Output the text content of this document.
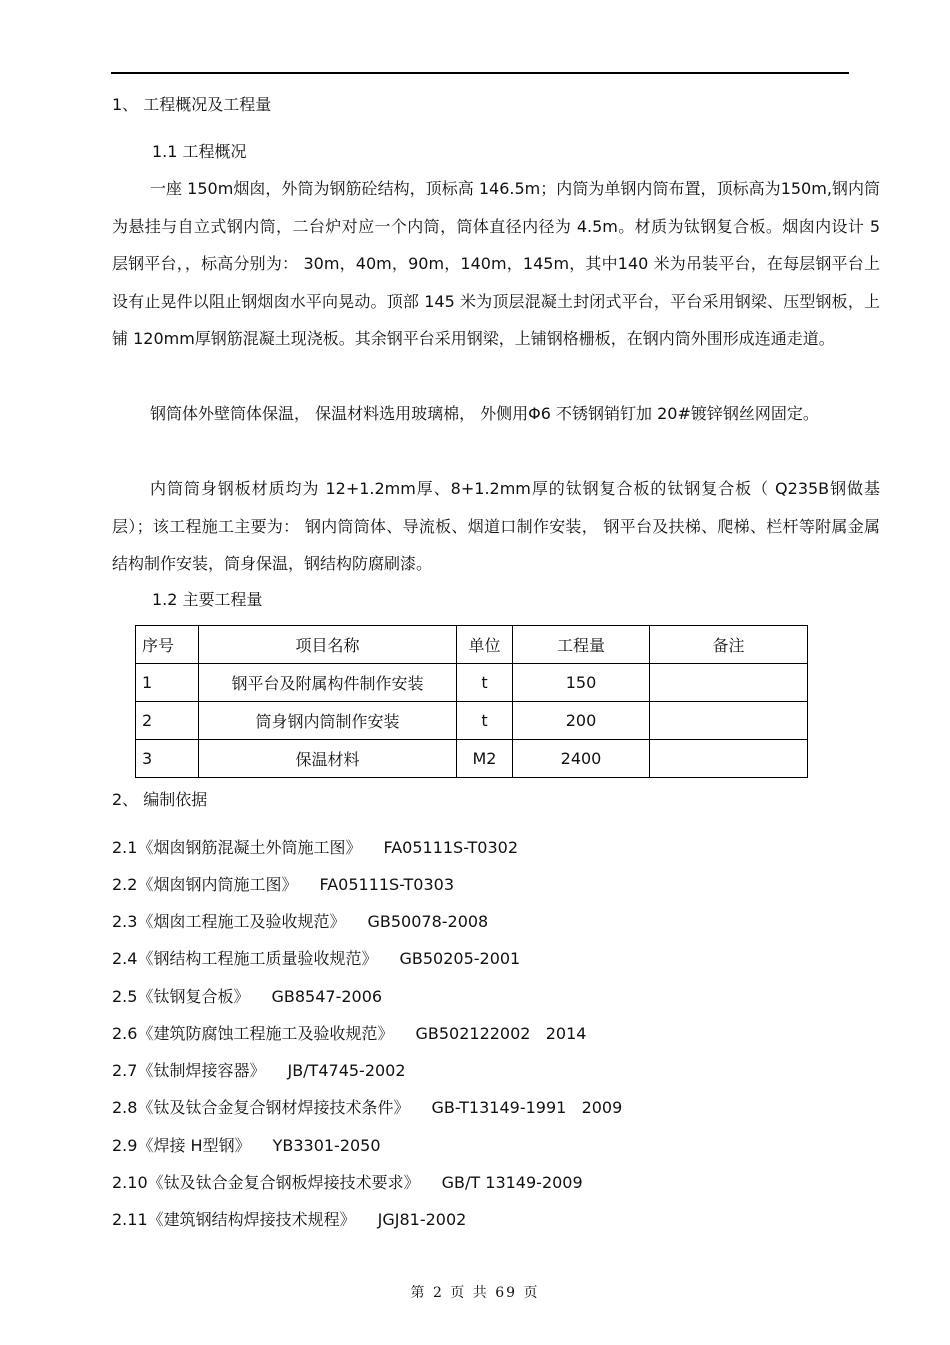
1、 工程概况及工程量
1.1 工程概况
一座 150m烟囱，外筒为钢筋砼结构，顶标高 146.5m；内筒为单钢内筒布置，顶标高为150m,钢内筒为悬挂与自立式钢内筒，二台炉对应一个内筒，筒体直径内径为 4.5m。材质为钛钢复合板。烟囱内设计 5 层钢平台，，标高分别为： 30m，40m，90m，140m，145m，其中140 米为吊装平台，在每层钢平台上设有止晃件以阻止钢烟囱水平向晃动。顶部 145 米为顶层混凝土封闭式平台，平台采用钢梁、压型钢板，上铺 120mm厚钢筋混凝土现浇板。其余钢平台采用钢梁，上铺钢格栅板，在钢内筒外围形成连通走道。
钢筒体外壁筒体保温， 保温材料选用玻璃棉， 外侧用Φ6 不锈钢销钉加 20#镀锌钢丝网固定。
内筒筒身钢板材质均为 12+1.2mm厚、8+1.2mm厚的钛钢复合板的钛钢复合板（ Q235B钢做基层）；该工程施工主要为： 钢内筒筒体、导流板、烟道口制作安装， 钢平台及扶梯、爬梯、栏杆等附属金属结构制作安装，筒身保温，钢结构防腐刷漆。
1.2 主要工程量
序号	项目名称	单位	工程量	备注
1	钢平台及附属构件制作安装	t	150	
2	筒身钢内筒制作安装	t	200	
3	保温材料	M2	2400	
2、 编制依据
2.1《烟囱钢筋混凝土外筒施工图》 FA05111S-T0302
2.2《烟囱钢内筒施工图》 FA05111S-T0303
2.3《烟囱工程施工及验收规范》 GB50078-2008
2.4《钢结构工程施工质量验收规范》 GB50205-2001
2.5《钛钢复合板》 GB8547-2006
2.6《建筑防腐蚀工程施工及验收规范》 GB502122002   2014
2.7《钛制焊接容器》 JB/T4745-2002
2.8《钛及钛合金复合钢材焊接技术条件》 GB-T13149-1991   2009
2.9《焊接 H型钢》 YB3301-2050
2.10《钛及钛合金复合钢板焊接技术要求》 GB/T 13149-2009
2.11《建筑钢结构焊接技术规程》 JGJ81-2002
第 2 页 共 69 页
